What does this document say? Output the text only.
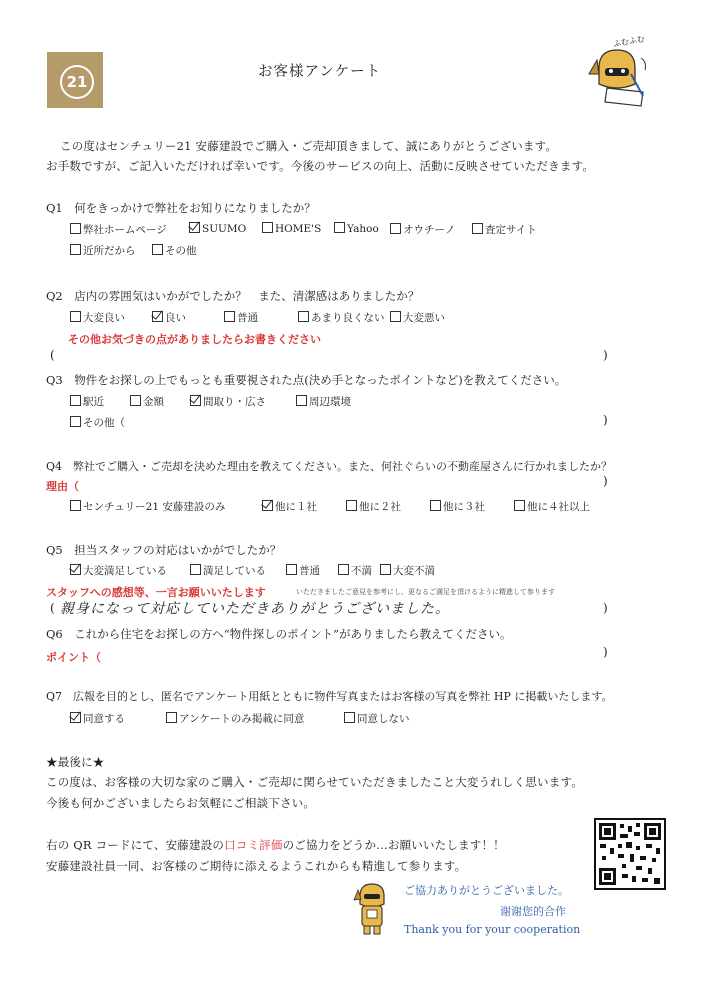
21
お客様アンケート
ふむふむ
この度はセンチュリー21 安藤建設でご購入・ご売却頂きまして、誠にありがとうございます。
お手数ですが、ご記入いただければ幸いです。今後のサービスの向上、活動に反映させていただきます。
Q1　何をきっかけで弊社をお知りになりましたか？
弊社ホームページ	SUUMO	HOME'S	Yahoo	オウチーノ	査定サイト
近所だから	その他
Q2　店内の雰囲気はいかがでしたか？　また、清潔感はありましたか？
大変良い	良い	普通	あまり良くない	大変悪い
その他お気づきの点がありましたらお書きください
(	)
Q3　物件をお探しの上でもっとも重要視された点(決め手となったポイントなど)を教えてください。
駅近	金額	間取り・広さ	周辺環境
その他（	)
Q4　弊社でご購入・ご売却を決めた理由を教えてください。また、何社ぐらいの不動産屋さんに行かれましたか？
理由（	)
センチュリー21 安藤建設のみ	他に１社	他に２社	他に３社	他に４社以上
Q5　担当スタッフの対応はいかがでしたか？
大変満足している	満足している	普通	不満	大変不満
スタッフへの感想等、一言お願いいたします	いただきましたご意見を参考にし、更なるご満足を頂けるように精進して参ります
( 親身になって対応していただきありがとうございました。	)
Q6　これから住宅をお探しの方へ“物件探しのポイント”がありましたら教えてください。
ポイント（	)
Q7　広報を目的とし、匿名でアンケート用紙とともに物件写真またはお客様の写真を弊社 HP に掲載いたします。
同意する	アンケートのみ掲載に同意	同意しない
★最後に★
この度は、お客様の大切な家のご購入・ご売却に関らせていただきましたこと大変うれしく思います。
今後も何かございましたらお気軽にご相談下さい。
右の QR コードにて、安藤建設の口コミ評価のご協力をどうか…お願いいたします！！
安藤建設社員一同、お客様のご期待に添えるようこれからも精進して参ります。
ご協力ありがとうございました。
谢谢您的合作
Thank you for your cooperation
